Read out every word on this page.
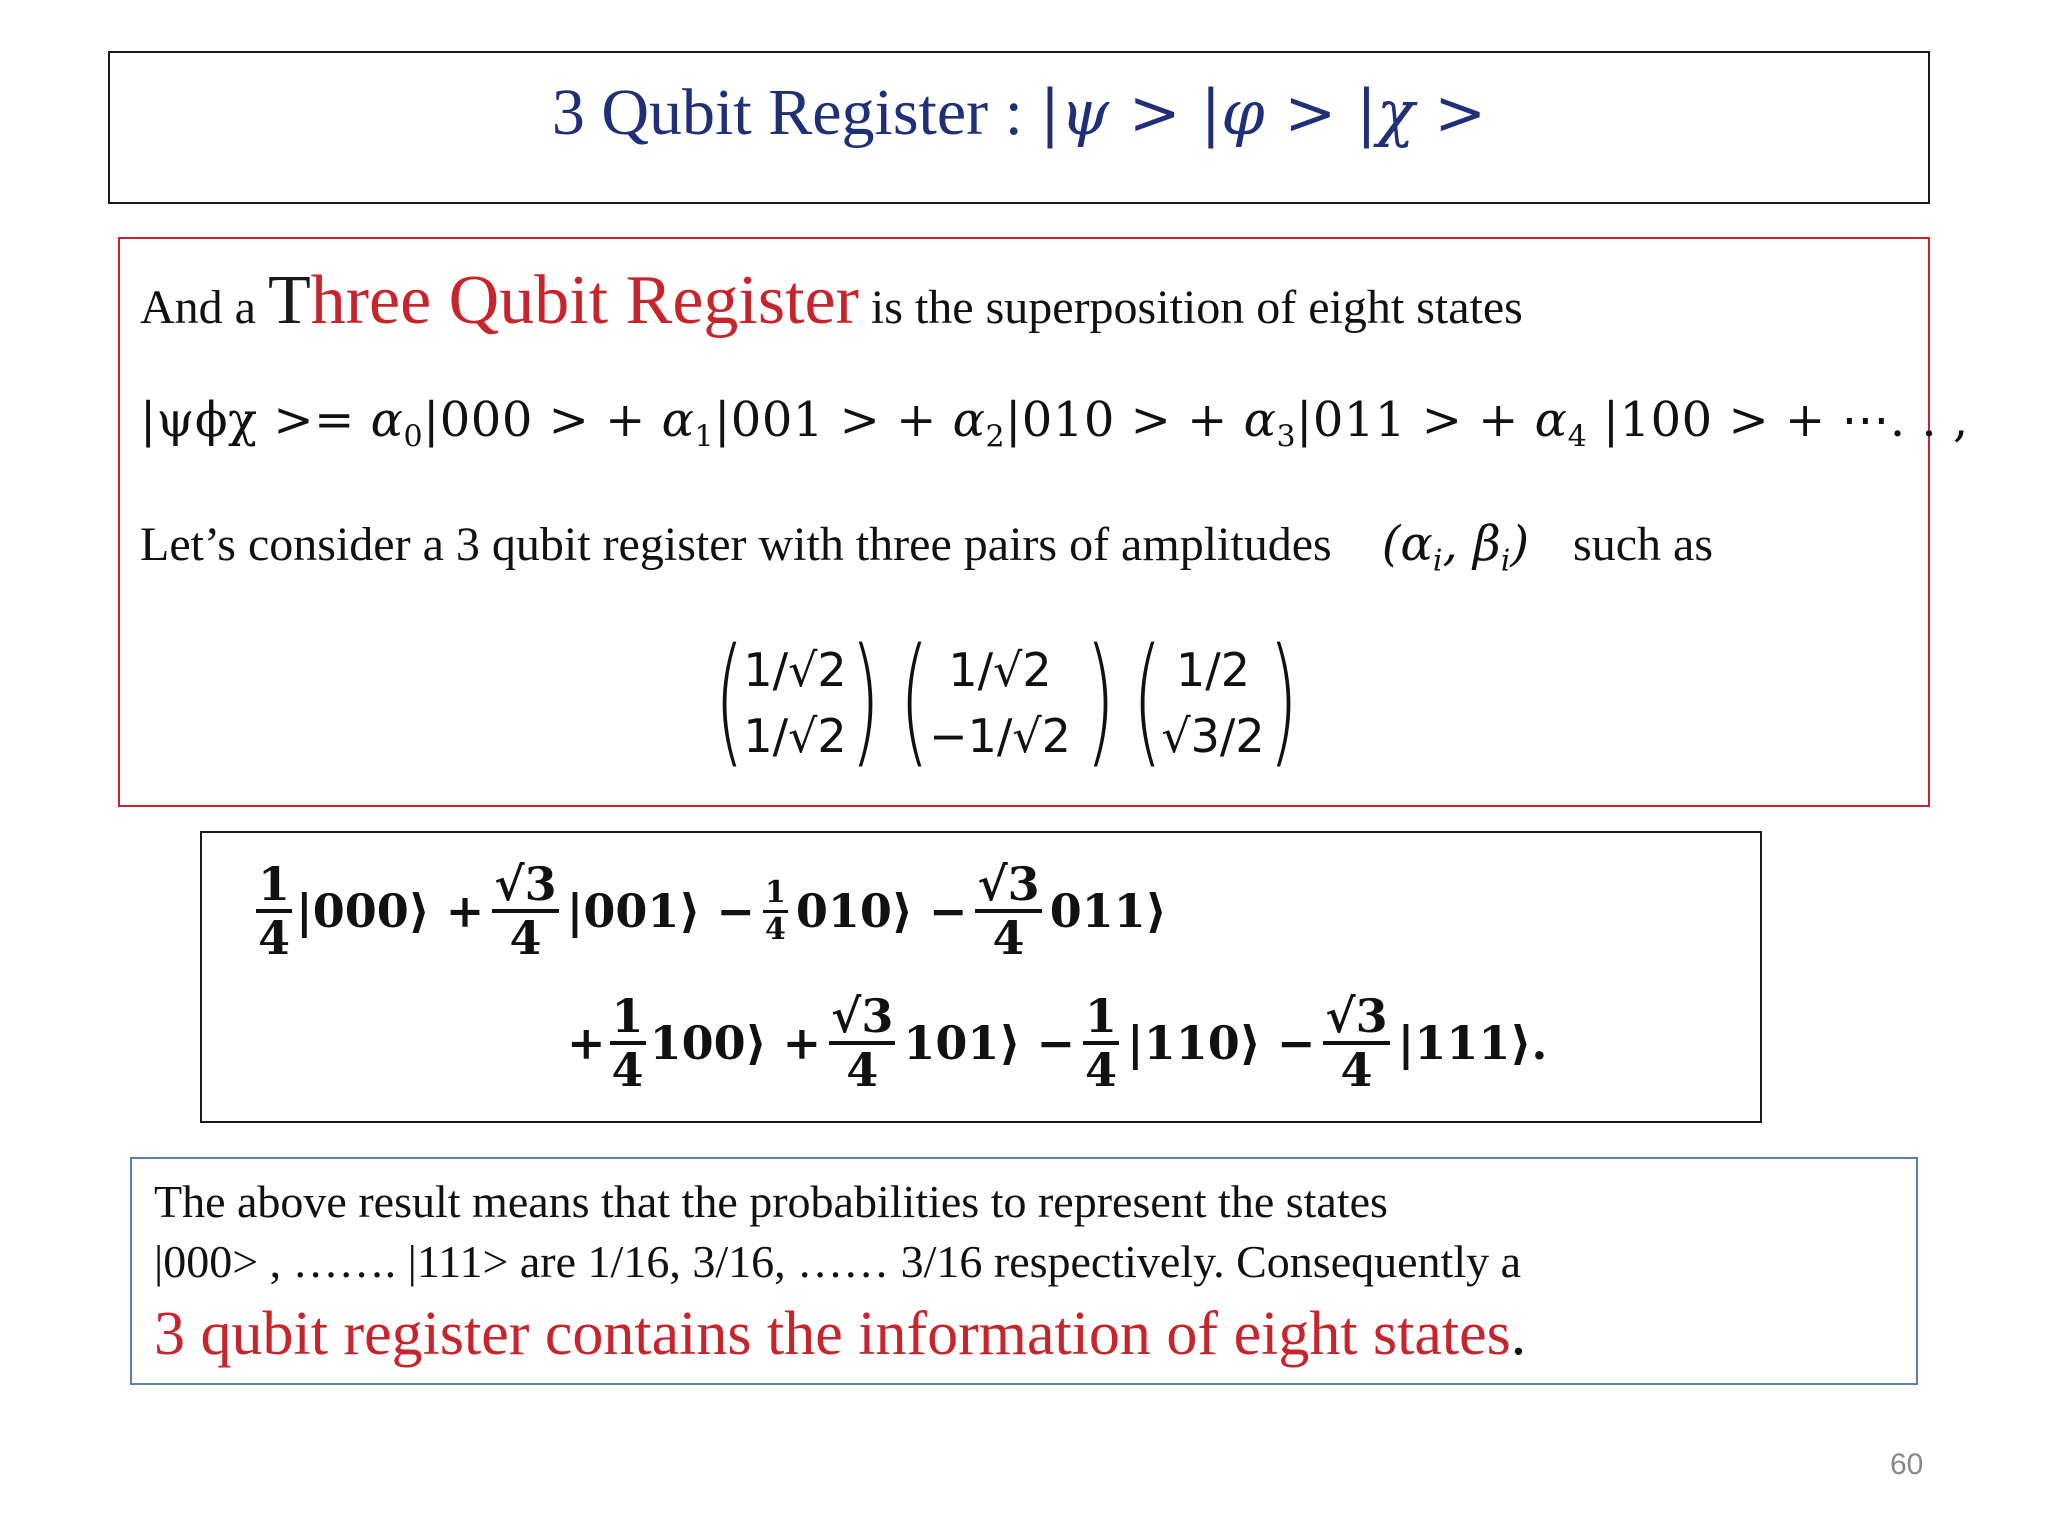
3 Qubit Register : |ψ > |φ > |χ >
And a Three Qubit Register is the superposition of eight states
$|\psi\phi\chi >= \alpha_0|000$ > + $\alpha_1|001$ > + $\alpha_2|010$ > + $\alpha_3|011$ > + $\alpha_4$ |100 > + ⋯. . ,
Let’s consider a 3 qubit register with three pairs of amplitudes ($\alpha_i$, $\beta_i$) such as
(
1/√2
1/√2 ) ( 1/√2
−1/√2 ) ( 1/2
√3/2 )
$\frac{1}{4}$ |000⟩ + $\frac{√3}{4}$ |001⟩ − $\frac{1}{4}$ 010⟩ − $\frac{√3}{4}$ 011⟩
+ $\frac{1}{4}$ 100⟩ + $\frac{√3}{4}$ 101⟩ − $\frac{1}{4}$ |110⟩ − $\frac{√3}{4}$ |111⟩.
The above result means that the probabilities to represent the states
|000> , ……. |111> are 1/16, 3/16, …… 3/16 respectively. Consequently a
3 qubit register contains the information of eight states.
60
